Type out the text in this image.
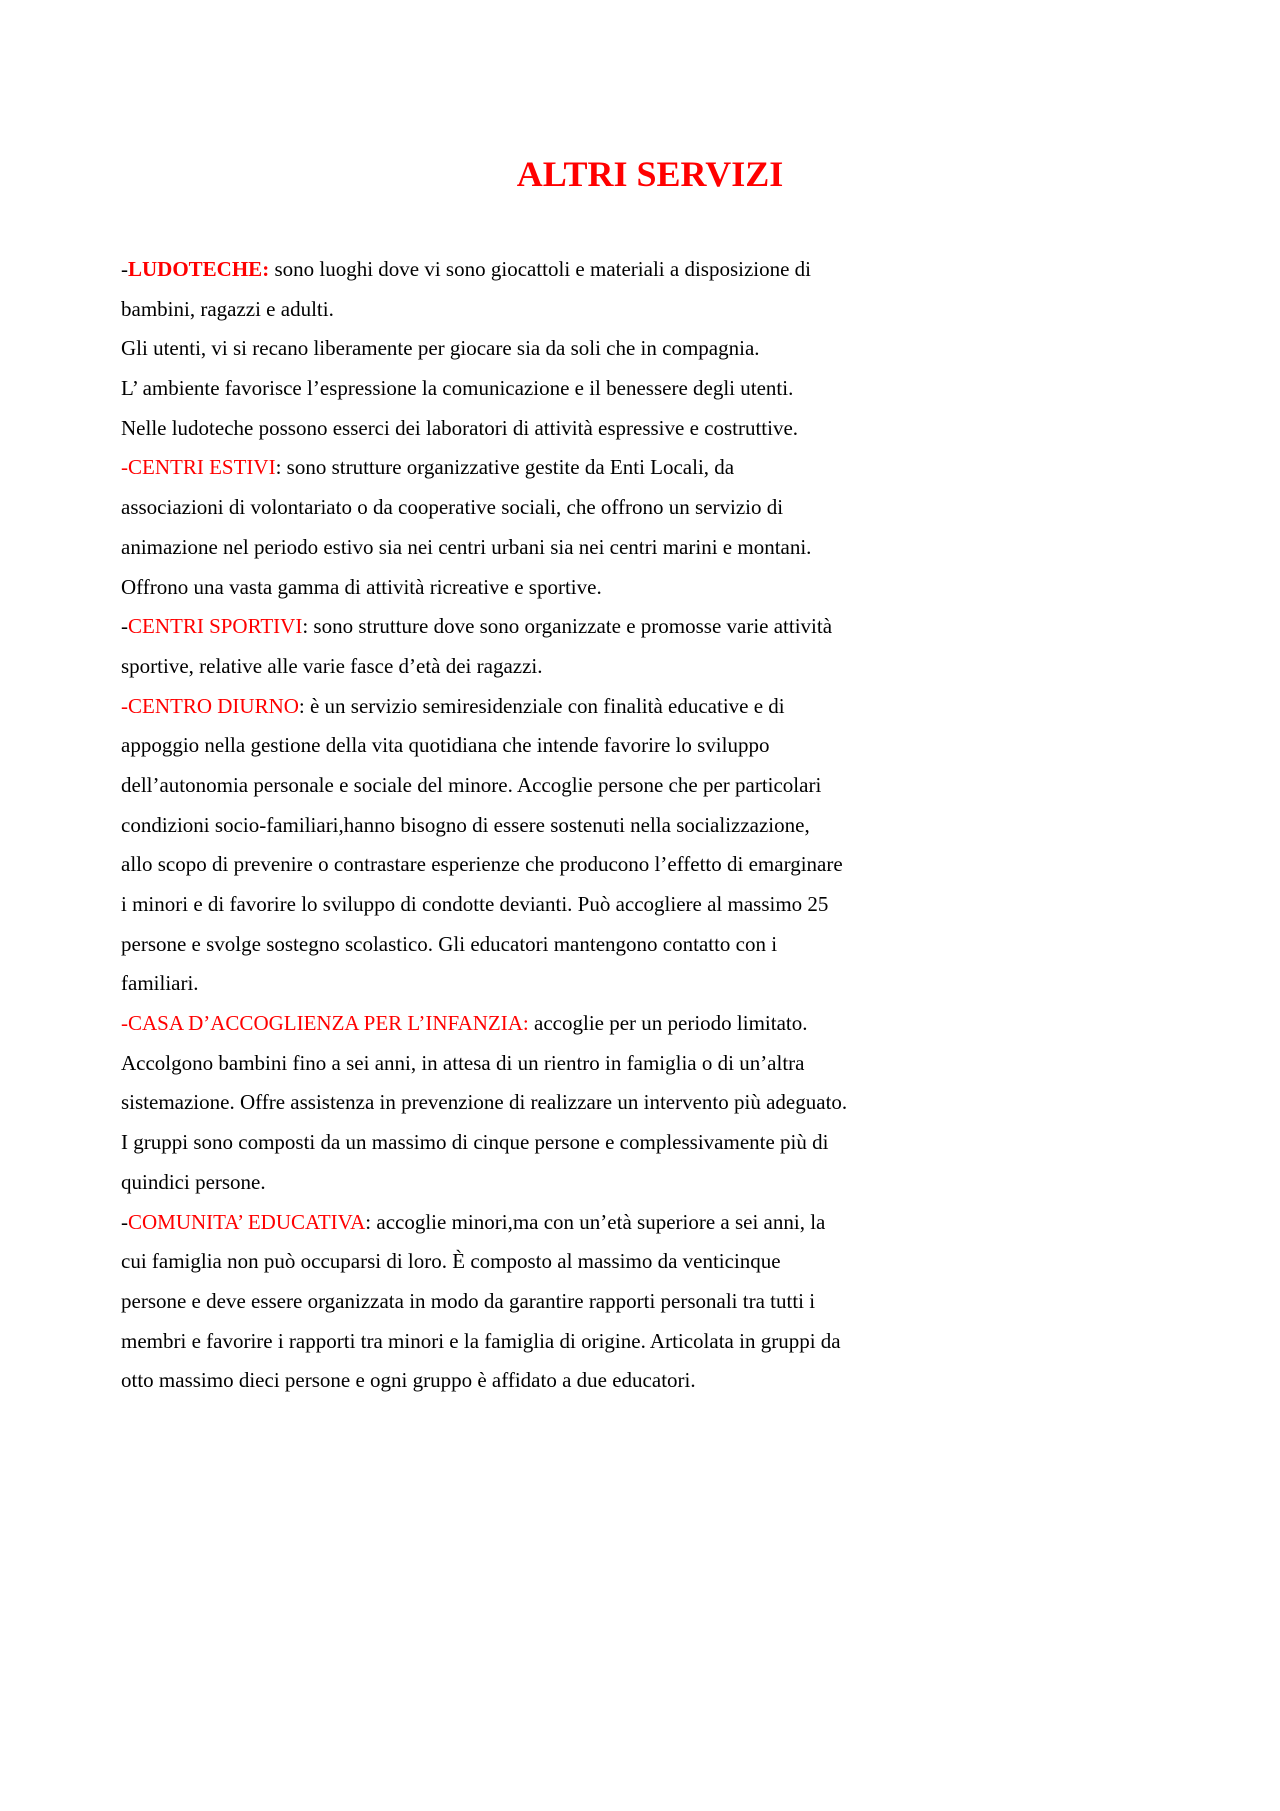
ALTRI SERVIZI
-LUDOTECHE: sono luoghi dove vi sono giocattoli e materiali a disposizione di
bambini, ragazzi e adulti.
Gli utenti, vi si recano liberamente per giocare sia da soli che in compagnia.
L’ ambiente favorisce l’espressione la comunicazione e il benessere degli utenti.
Nelle ludoteche possono esserci dei laboratori di attività espressive e costruttive.
-CENTRI ESTIVI: sono strutture organizzative gestite da Enti Locali, da
associazioni di volontariato o da cooperative sociali, che offrono un servizio di
animazione nel periodo estivo sia nei centri urbani sia nei centri marini e montani.
Offrono una vasta gamma di attività ricreative e sportive.
-CENTRI SPORTIVI: sono strutture dove sono organizzate e promosse varie attività
sportive, relative alle varie fasce d’età dei ragazzi.
-CENTRO DIURNO: è un servizio semiresidenziale con finalità educative e di
appoggio nella gestione della vita quotidiana che intende favorire lo sviluppo
dell’autonomia personale e sociale del minore. Accoglie persone che per particolari
condizioni socio-familiari,hanno bisogno di essere sostenuti nella socializzazione,
allo scopo di prevenire o contrastare esperienze che producono l’effetto di emarginare
i minori e di favorire lo sviluppo di condotte devianti. Può accogliere al massimo 25
persone e svolge sostegno scolastico. Gli educatori mantengono contatto con i
familiari.
-CASA D’ACCOGLIENZA PER L’INFANZIA: accoglie per un periodo limitato.
Accolgono bambini fino a sei anni, in attesa di un rientro in famiglia o di un’altra
sistemazione. Offre assistenza in prevenzione di realizzare un intervento più adeguato.
I gruppi sono composti da un massimo di cinque persone e complessivamente più di
quindici persone.
-COMUNITA’ EDUCATIVA: accoglie minori,ma con un’età superiore a sei anni, la
cui famiglia non può occuparsi di loro. È composto al massimo da venticinque
persone e deve essere organizzata in modo da garantire rapporti personali tra tutti i
membri e favorire i rapporti tra minori e la famiglia di origine. Articolata in gruppi da
otto massimo dieci persone e ogni gruppo è affidato a due educatori.
